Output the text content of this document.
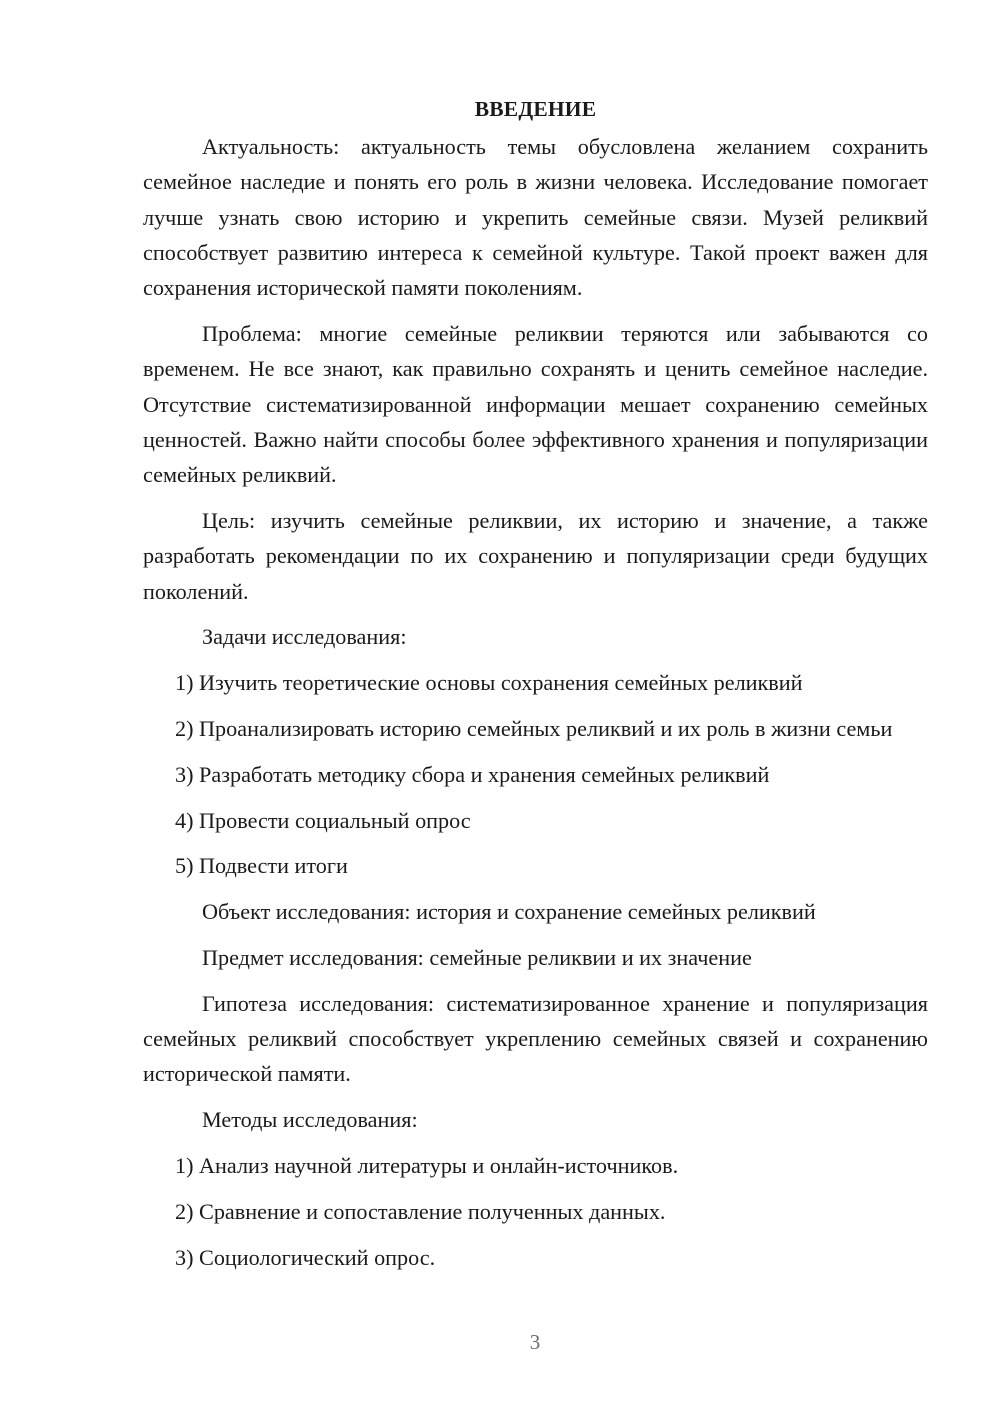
ВВЕДЕНИЕ

Актуальность: актуальность темы обусловлена желанием сохранить семейное наследие и понять его роль в жизни человека. Исследование помогает лучше узнать свою историю и укрепить семейные связи. Музей реликвий способствует развитию интереса к семейной культуре. Такой проект важен для сохранения исторической памяти поколениям.

Проблема: многие семейные реликвии теряются или забываются со временем. Не все знают, как правильно сохранять и ценить семейное наследие. Отсутствие систематизированной информации мешает сохранению семейных ценностей. Важно найти способы более эффективного хранения и популяризации семейных реликвий.

Цель: изучить семейные реликвии, их историю и значение, а также разработать рекомендации по их сохранению и популяризации среди будущих поколений.

Задачи исследования:

1) Изучить теоретические основы сохранения семейных реликвий

2) Проанализировать историю семейных реликвий и их роль в жизни семьи

3) Разработать методику сбора и хранения семейных реликвий

4) Провести социальный опрос

5) Подвести итоги

Объект исследования: история и сохранение семейных реликвий

Предмет исследования: семейные реликвии и их значение

Гипотеза исследования: систематизированное хранение и популяризация семейных реликвий способствует укреплению семейных связей и сохранению исторической памяти.

Методы исследования:

1) Анализ научной литературы и онлайн-источников.

2) Сравнение и сопоставление полученных данных.

3) Социологический опрос.

3
